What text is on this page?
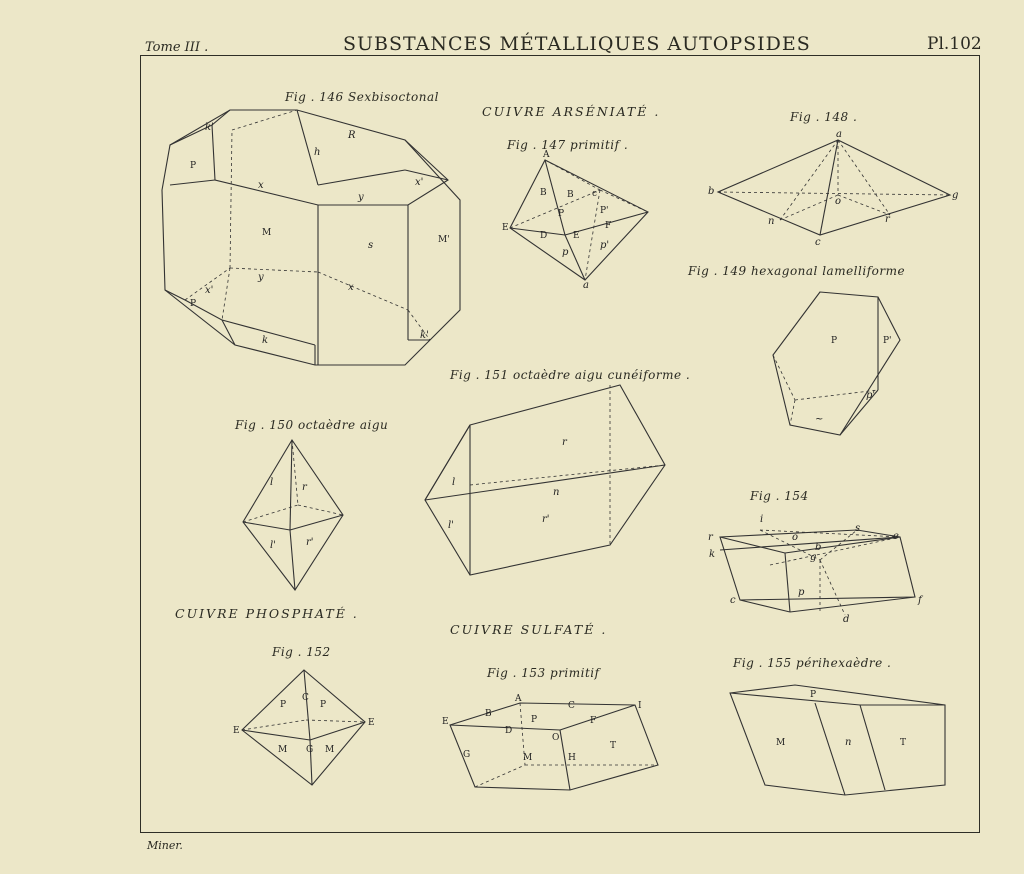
Tome III .	SUBSTANCES MÉTALLIQUES AUTOPSIDES	Pl.102
k'
R
h
P
x
y
x'
M
s	M'
y
x
x'
P
k	k'
A
B B c
P	P'
E
D	E
F
p
p'
a
a
b	g
o
n	r
c
P	P'
p'
~
l	r
l'	r'
r
l
n
l'
r'
C
P	P
E
E
M G M
A
E
B
C	I
P	F
D
O
T
G	M	H
r
i
s
e
k
o
b
g
p
c	f
d
P
M	n	T
CUIVRE ARSÉNIATÉ .
CUIVRE PHOSPHATÉ .
CUIVRE SULFATÉ .
Fig . 146 Sexbisoctonal
Fig . 147 primitif .
Fig . 148 .
Fig . 149 hexagonal lamelliforme
Fig . 150 octaèdre aigu
Fig . 151 octaèdre aigu cunéiforme .
Fig . 152
Fig . 153 primitif
Fig . 154
Fig . 155 périhexaèdre .
Miner.
